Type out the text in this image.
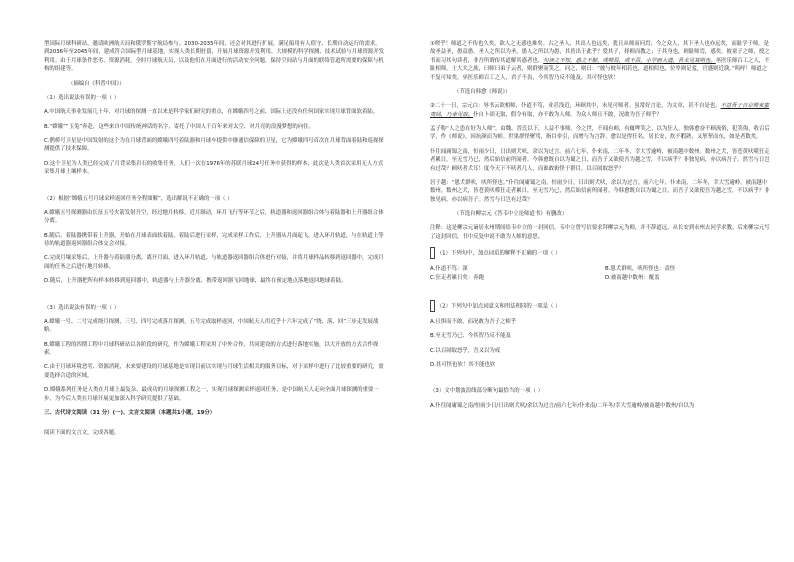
型国际月球科研站，邀请欧洲航天局和俄罗斯宇航局参与。2030-2035年间，还会对其进行扩展，满足船用有人值守、长期自动运行的需求。到2036年至2045年间，建成符合国际型月球基地，实现人类长期驻留，开展月球资源开发利用、大规模的科学探测、技术试验与月球资源开发利用。由于月球条件恶劣、资源消耗，全时月球航天员，以及他们在月面进行的活动安全问题，保持空间站与月面的联络管道所需要的保障与机构的组建等。

（摘编自《科普中国》）

（1）选出说法有误的一项（ ）

A.中国航天事业发展几十年，对月球的探测一直以来是科学家们研究的重点，在嫦娥四号之前，国际上还没有任何国家实现月球背面软着陆。

B.“嫦娥”“玉兔”奔赴，这些来自中国传统神话的名字，寄托了中国人千百年来对太空、对月亮的浪漫梦想的向往。

C.鹊桥号卫星是中国发射的这个为在月球背面的嫦娥四号着陆器和月球车提供中继通信保障的卫星，它为嫦娥四号首次在月球背面着陆和巡视探测提供了技术保障。

D.这个卫星为人类已经完成了月背采集岩石的收集任务，人们一次在1976年的苏联月球24号任务中获得的样本，此次是人类首次采用无人方式采集月球土壤样本。

（2）根据“嫦娥五号月球采样返回任务全程图解”，选出解说不正确的一项（ ）

A.嫦娥五号探测器由长征五号火箭发射升空，经过地月转移，近月制动，环月飞行等环节之后，轨道器和返回器组合体与着陆器和上升器组合体分离。

B.随后，着陆器携带着上升器，开始在月球表面软着陆，着陆后进行采样，完成采样工作后，上升器从月面起飞，进入环月轨道，与在轨道上等待的轨道器返回器组合体交会对接。

C.完成月壤采集后，上升器与着陆器分离，离开月面，进入环月轨道，与轨道器返回器组合体进行对接，并将月球样品转移到返回器中，完成月面的任务之后进行地月转移。

D.随后，上升器把所有样本转移到返回器中，轨道器与上升器分离，携带返回器飞回地球，最终在预定地点落地返回地球着陆。

（3）选出说法有误的一项（ ）

A.嫦娥一号、二号完成绕月探测，三号、四号完成落月探测，五号完成取样返回，中国航天人用近乎十六年完成了“绕、落、回”三步走发展战略。

B.嫦娥工程的四期工程中月球科研站以各阶段的研究，作为嫦娥工程采用了中外合作、共同建设的方式进行落地实施，以大开放的方式合作探索。

C.由于月球环境恶劣、资源消耗，未来要建设的月球基地是实现目前以实现与月球生活相关的服务目标，对于采样中进行了比较重要的研究，需要选择合适的区域。

D.嫦娥系列任务是人类在月球上最复杂、最成功的月球探测工程之一，实现月球探测采样返回任务，是中国航天人走向全面月球探测的重要一步，为今后人类在月球开展更加深入科学研究提供了基础。

三、古代诗文阅读（31 分）(一)、文言文阅读（本题共1小题，19分）

阅读下面的文言文，完成各题。

①嗟乎！师道之不传也久矣，欲人之无惑也难矣。古之圣人，其出人也远矣，犹且从师而问焉；今之众人，其下圣人也亦远矣，而耻学于师。是故圣益圣，愚益愚。圣人之所以为圣，愚人之所以为愚，其皆出于此乎？爱其子，择师而教之；于其身也，则耻师焉，惑矣。彼童子之师，授之书而习其句读者，非吾所谓传其道解其惑者也。句读之不知，惑之不解，或师焉，或不焉，小学而大遗，吾未见其明也。巫医乐师百工之人，不耻相师。士大夫之族，曰师曰弟子云者，则群聚而笑之。问之，则曰：“彼与彼年相若也，道相似也，位卑则足羞，官盛则近谀。”呜呼！师道之不复可知矣。巫医乐师百工之人，君子不齿，今其智乃反不能及，其可怪也欤！

（节选自韩愈《师说》）

②二十一日，宗元白：辱书云欲相师，仆道不笃，业甚浅近，环顾其中，未见可师者。虽常好言论，为文章，甚不自是也。不意吾子自京师来蛮夷间，乃幸见取。仆自卜固无取，假令有取，亦不敢为人师。为众人师且不敢，况敢为吾子师乎？

孟子称“人之患在好为人师”。由魏、晋氏以下，人益不事师。今之世，不闻有师，有辄哗笑之，以为狂人。独韩愈奋不顾流俗，犯笑侮，收召后学，作《师说》，因抗颜而为师。世果群怪聚骂，指目牵引，而增与为言辞。愈以是得狂名，居长安，炊不暇熟，又挈挈而东，如是者数矣。

仆往闻庸蜀之南，恒雨少日，日出则犬吠，余以为过言。前六七年，仆来南，二年冬，幸大雪逾岭，被南越中数州。数州之犬，皆苍黄吠噬狂走者累日，至无雪乃已，然后始信前所闻者。今韩愈既自以为蜀之日，而吾子又欲使吾为越之雪，不以病乎？非独见病，亦以病吾子。然雪与日岂有过哉？顾吠者犬耳！度今天下不吠者几人，而谁敢衒怪于群目，以召闹取怒乎？

居于越：“恩犬群吠，吠所怪也。”仆往闻庸蜀之南，恒雨少日，日出则犬吠，余以为过言。前六七年，仆来南，二年冬，幸大雪逾岭，被南越中数州。数州之犬，皆苍黄吠噬狂走者累日，至无雪乃已，然后始信前所闻者。今韩愈既自以为蜀之日，而吾子又欲使吾为越之雪，不以病乎？非独见病，亦以病吾子。然雪与日岂有过哉？

（节选自柳宗元《答韦中立论师道书》有删改）

注释：这是柳宗元谪居永州期间给韦中立的一封回信。韦中立曾写信要求拜柳宗元为师，并不辞道远，从长安到永州去问学求教。后来柳宗元写了这封回信，书中反复申说不敢为人师的意思。

（1）下列句中，加点词语的解释不正确的一项（ ）

A.仆道不笃：深	B.恩犬群吠，吠所怪也：责怪
C.狂走者累日矣：奔跑	D.被南越中数州：覆盖

（2）下列句中加点词意义和用法相同的一项是（ ）

A.且惧而不敢，而况敢为吾子之师乎

B.至无雪乃已，今其智乃反不能及

C.以召闹取怒乎，吾又以为戒

D.其可怪也欤！其不能也欤

（3）文中划波浪线部分断句最恰当的一项（ ）

A.仆往闻庸蜀之南/恒雨少日/日出则犬吠/余以为过言/前六七年/仆来南/二年冬/幸大雪逾岭/被南越中数州/自以为
